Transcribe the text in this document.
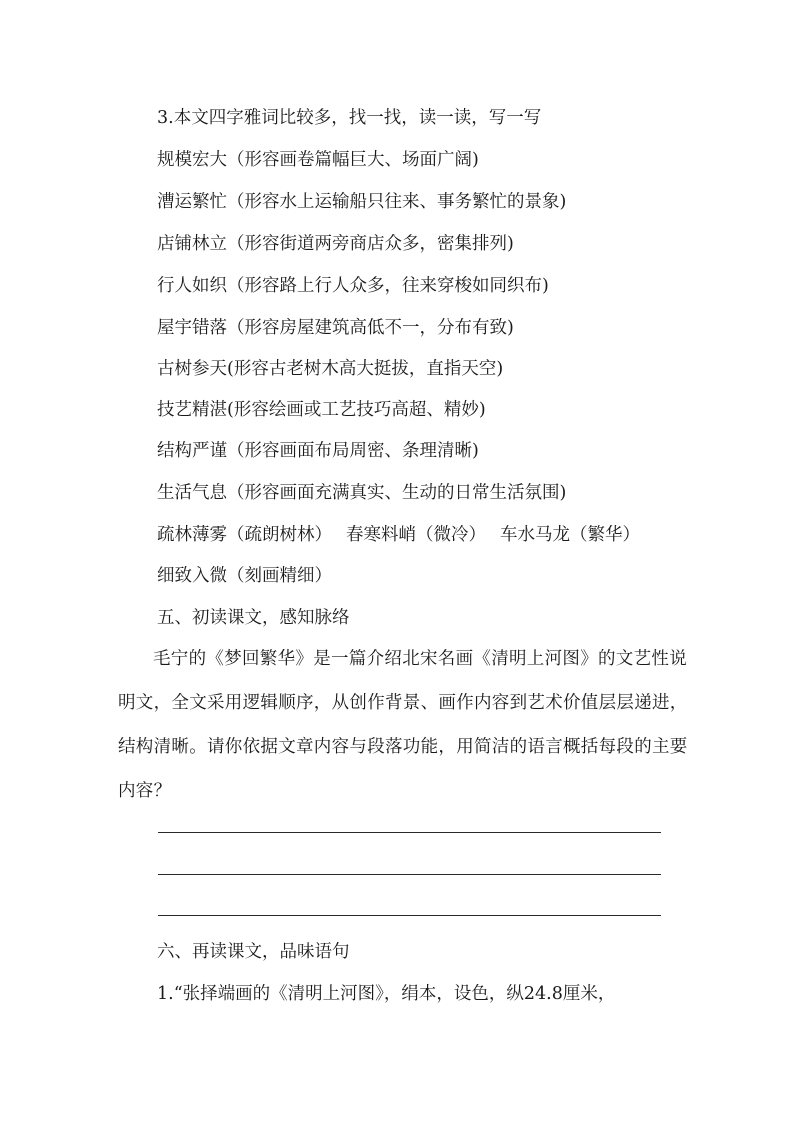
3.本文四字雅词比较多，找一找，读一读，写一写
规模宏大（形容画卷篇幅巨大、场面广阔)
漕运繁忙（形容水上运输船只往来、事务繁忙的景象)
店铺林立（形容街道两旁商店众多，密集排列)
行人如织（形容路上行人众多，往来穿梭如同织布)
屋宇错落（形容房屋建筑高低不一，分布有致)
古树参天(形容古老树木高大挺拔，直指天空)
技艺精湛(形容绘画或工艺技巧高超、精妙)
结构严谨（形容画面布局周密、条理清晰)
生活气息（形容画面充满真实、生动的日常生活氛围)
疏林薄雾（疏朗树林） 春寒料峭（微冷） 车水马龙（繁华）
细致入微（刻画精细）
五、初读课文，感知脉络
毛宁的《梦回繁华》是一篇介绍北宋名画《清明上河图》的文艺性说明文，全文采用逻辑顺序，从创作背景、画作内容到艺术价值层层递进，结构清晰。请你依据文章内容与段落功能，用简洁的语言概括每段的主要内容？
六、再读课文，品味语句
1.“张择端画的《清明上河图》，绢本，设色，纵24.8厘米，
